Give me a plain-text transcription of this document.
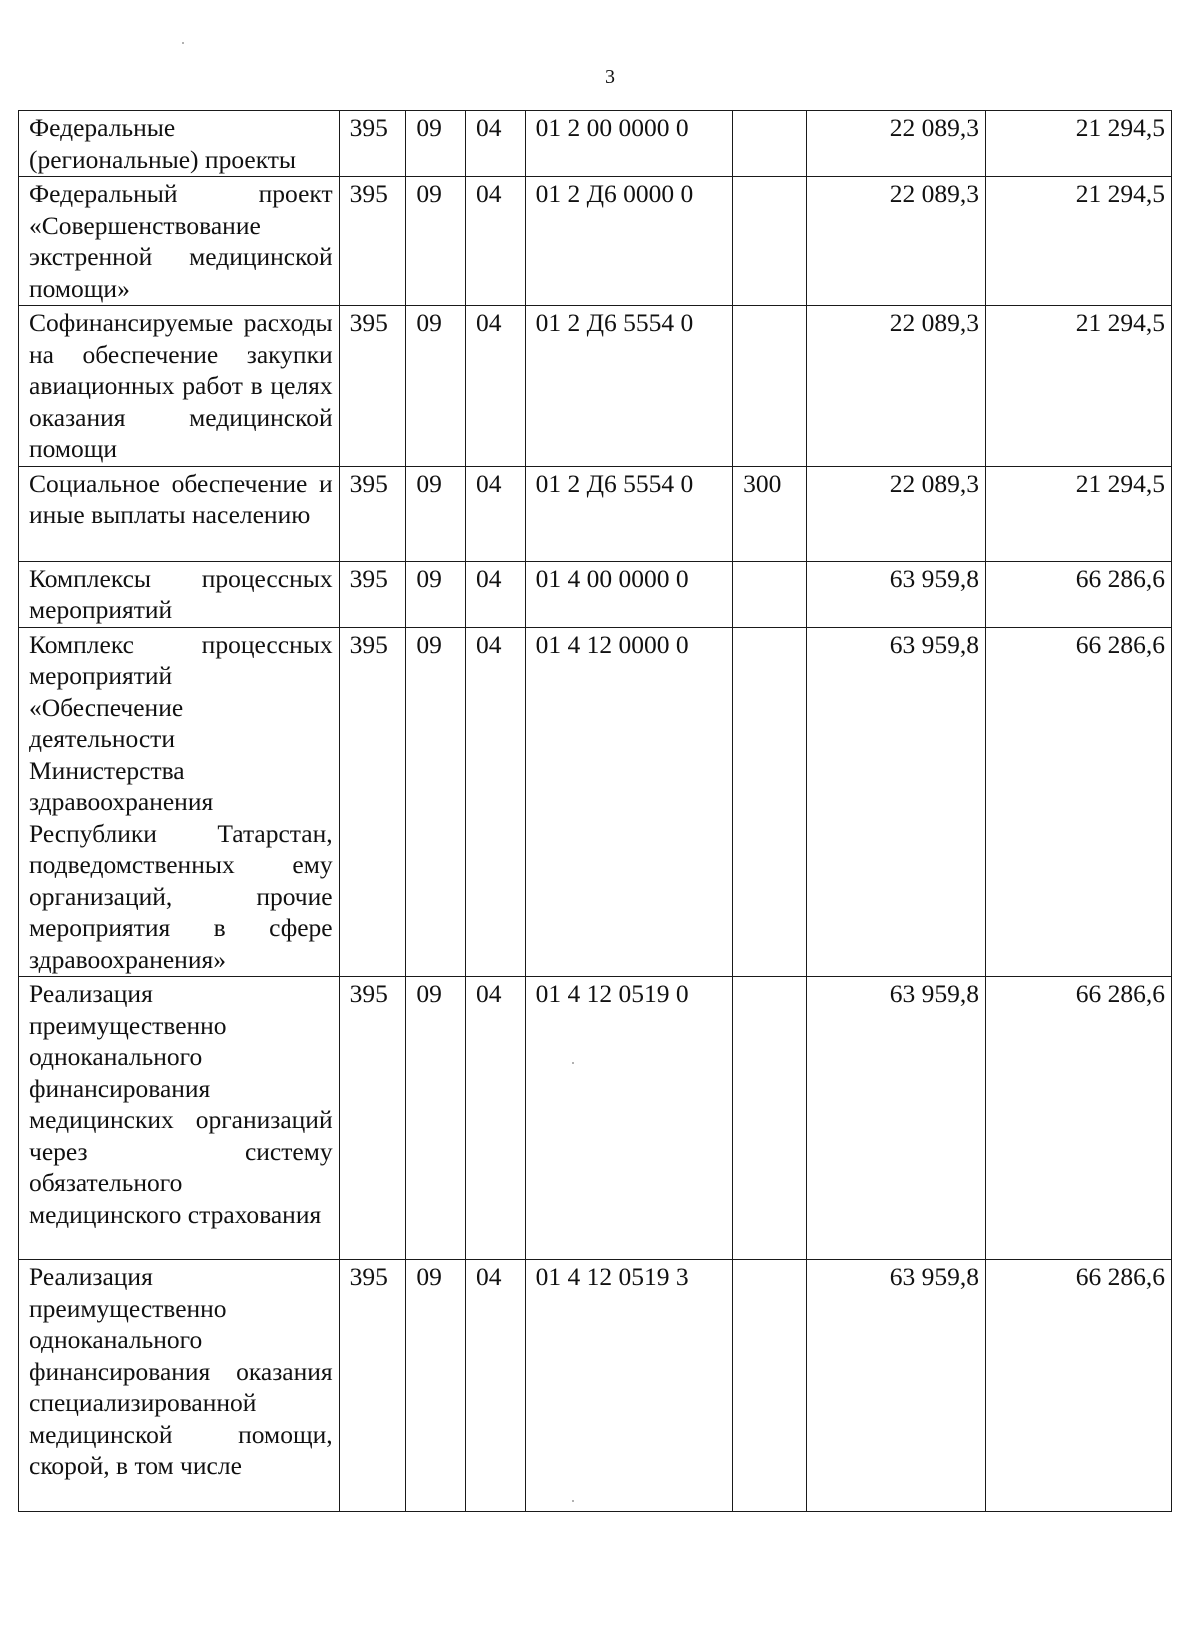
3
Федеральные (региональные) проекты	395	09	04	01 2 00 0000 0		22 089,3	21 294,5
Федеральный проект «Совершенствование экстренной медицинской помощи»	395	09	04	01 2 Д6 0000 0		22 089,3	21 294,5
Софинансируемые расходы на обеспечение закупки авиационных работ в целях оказания медицинской помощи	395	09	04	01 2 Д6 5554 0		22 089,3	21 294,5
Социальное обеспечение и иные выплаты населению	395	09	04	01 2 Д6 5554 0	300	22 089,3	21 294,5
Комплексы процессных мероприятий	395	09	04	01 4 00 0000 0		63 959,8	66 286,6
Комплекс процессных мероприятий «Обеспечение деятельности Министерства здравоохранения Республики Татарстан, подведомственных ему организаций, прочие мероприятия в сфере здравоохранения»	395	09	04	01 4 12 0000 0		63 959,8	66 286,6
Реализация преимущественно одноканального финансирования медицинских организаций через систему обязательного медицинского страхования	395	09	04	01 4 12 0519 0		63 959,8	66 286,6
Реализация преимущественно одноканального финансирования оказания специализированной медицинской помощи, скорой, в том числе	395	09	04	01 4 12 0519 3		63 959,8	66 286,6
